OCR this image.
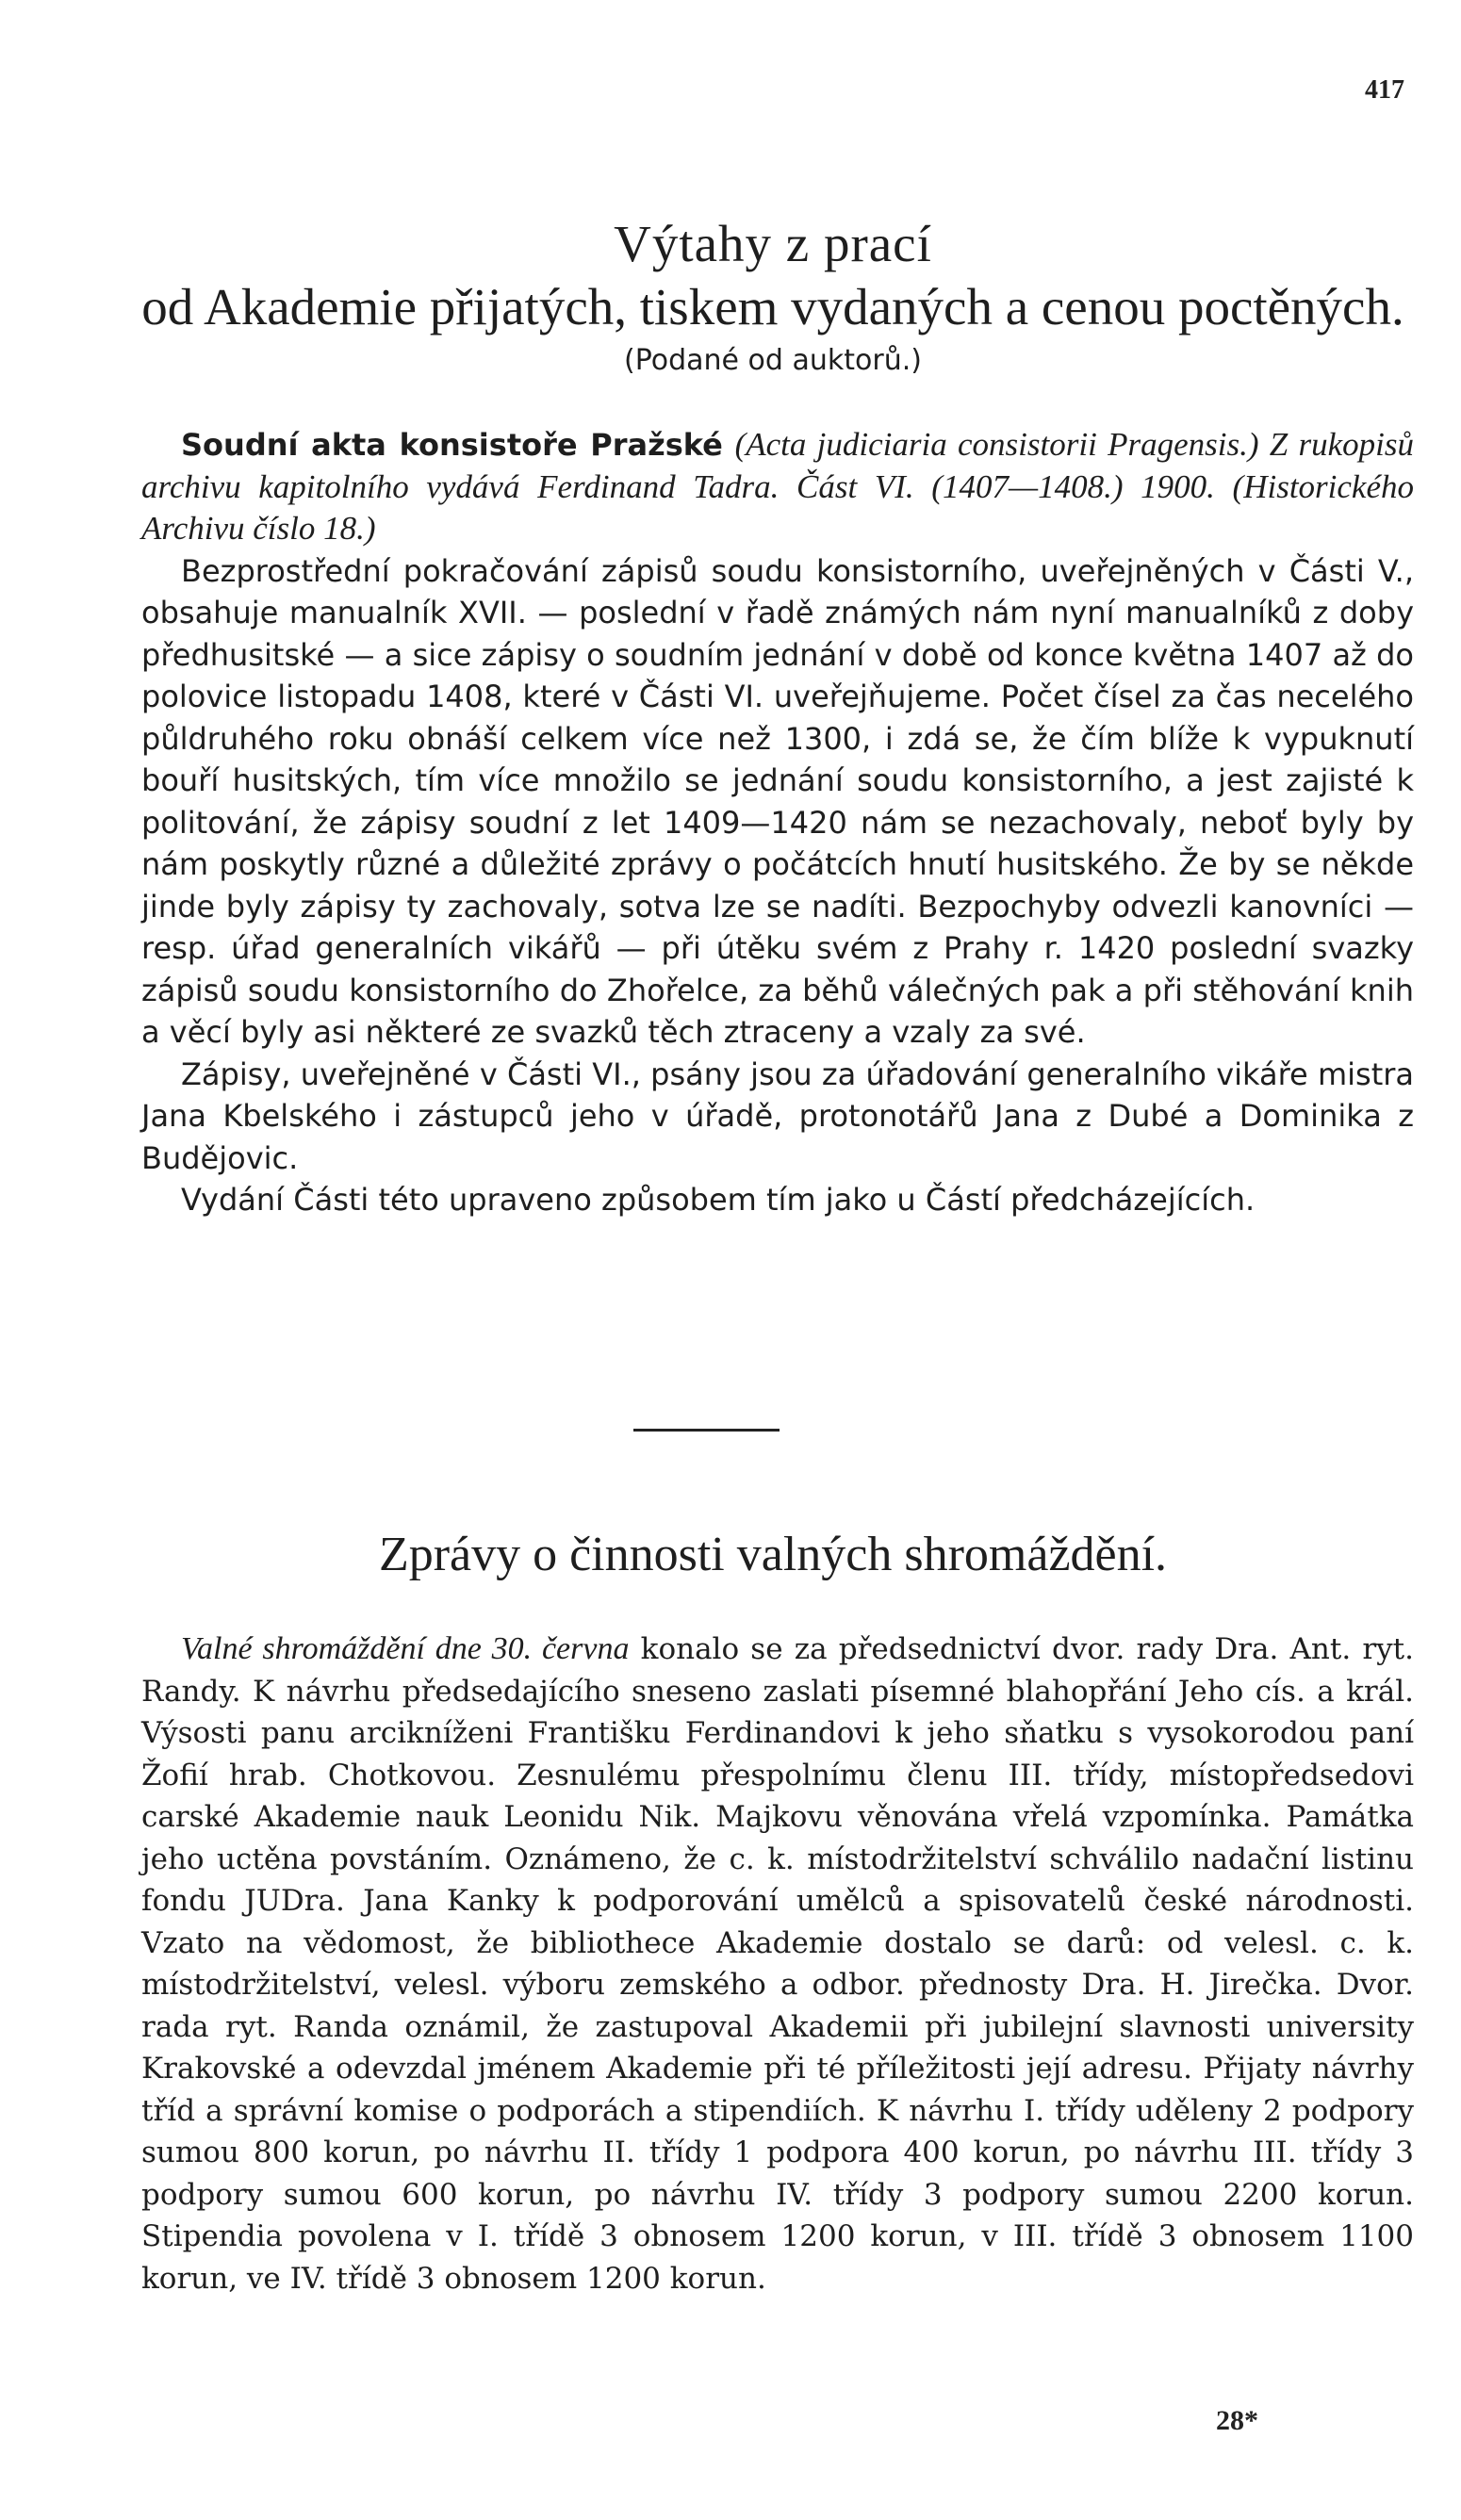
417
Výtahy z prací
od Akademie přijatých, tiskem vydaných a cenou poctěných.
(Podané od auktorů.)

Soudní akta konsistoře Pražské (Acta judiciaria consistorii Pragensis.) Z rukopisů archivu kapitolního vydává Ferdinand Tadra. Část VI. (1407—1408.) 1900. (Historického Archivu číslo 18.)

Bezprostřední pokračování zápisů soudu konsistorního, uveřejněných v Části V., obsahuje manualník XVII. — poslední v řadě známých nám nyní manualníků z doby předhusitské — a sice zápisy o soudním jednání v době od konce května 1407 až do polovice listopadu 1408, které v Části VI. uveřejňujeme. Počet čísel za čas necelého půldruhého roku obnáší celkem více než 1300, i zdá se, že čím blíže k vypuknutí bouří husitských, tím více množilo se jednání soudu konsistorního, a jest zajisté k politování, že zápisy soudní z let 1409—1420 nám se nezachovaly, neboť byly by nám poskytly různé a důležité zprávy o počátcích hnutí husitského. Že by se někde jinde byly zápisy ty zachovaly, sotva lze se nadíti. Bezpochyby odvezli kanovníci — resp. úřad generalních vikářů — při útěku svém z Prahy r. 1420 poslední svazky zápisů soudu konsistorního do Zhořelce, za běhů válečných pak a při stěhování knih a věcí byly asi některé ze svazků těch ztraceny a vzaly za své.

Zápisy, uveřejněné v Části VI., psány jsou za úřadování generalního vikáře mistra Jana Kbelského i zástupců jeho v úřadě, protonotářů Jana z Dubé a Dominika z Budějovic.

Vydání Části této upraveno způsobem tím jako u Částí předcházejících.

Zprávy o činnosti valných shromáždění.

Valné shromáždění dne 30. června konalo se za předsednictví dvor. rady Dra. Ant. ryt. Randy. K návrhu předsedajícího sneseno zaslati písemné blahopřání Jeho cís. a král. Výsosti panu arcikníženi Františku Ferdinandovi k jeho sňatku s vysokorodou paní Žofií hrab. Chotkovou. Zesnulému přespolnímu členu III. třídy, místopředsedovi carské Akademie nauk Leonidu Nik. Majkovu věnována vřelá vzpomínka. Památka jeho uctěna povstáním. Oznámeno, že c. k. místodržitelství schválilo nadační listinu fondu JUDra. Jana Kanky k podporování umělců a spisovatelů české národnosti. Vzato na vědomost, že bibliothece Akademie dostalo se darů: od velesl. c. k. místodržitelství, velesl. výboru zemského a odbor. přednosty Dra. H. Jirečka. Dvor. rada ryt. Randa oznámil, že zastupoval Akademii při jubilejní slavnosti university Krakovské a odevzdal jménem Akademie při té příležitosti její adresu. Přijaty návrhy tříd a správní komise o podporách a stipendiích. K návrhu I. třídy uděleny 2 podpory sumou 800 korun, po návrhu II. třídy 1 podpora 400 korun, po návrhu III. třídy 3 podpory sumou 600 korun, po návrhu IV. třídy 3 podpory sumou 2200 korun. Stipendia povolena v I. třídě 3 obnosem 1200 korun, v III. třídě 3 obnosem 1100 korun, ve IV. třídě 3 obnosem 1200 korun.

28*
